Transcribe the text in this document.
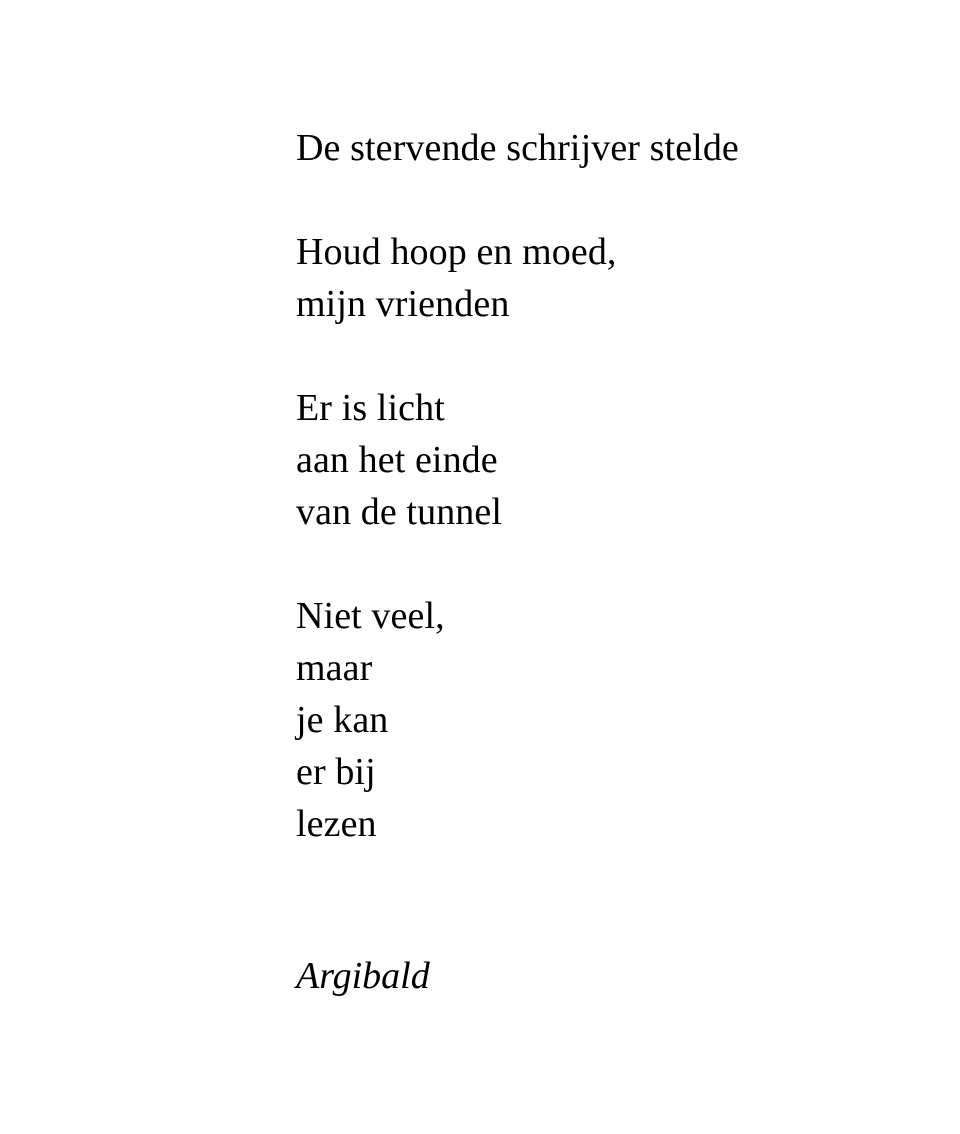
De stervende schrijver stelde
Houd hoop en moed,
mijn vrienden
Er is licht
aan het einde
van de tunnel
Niet veel,
maar
je kan
er bij
lezen
Argibald
